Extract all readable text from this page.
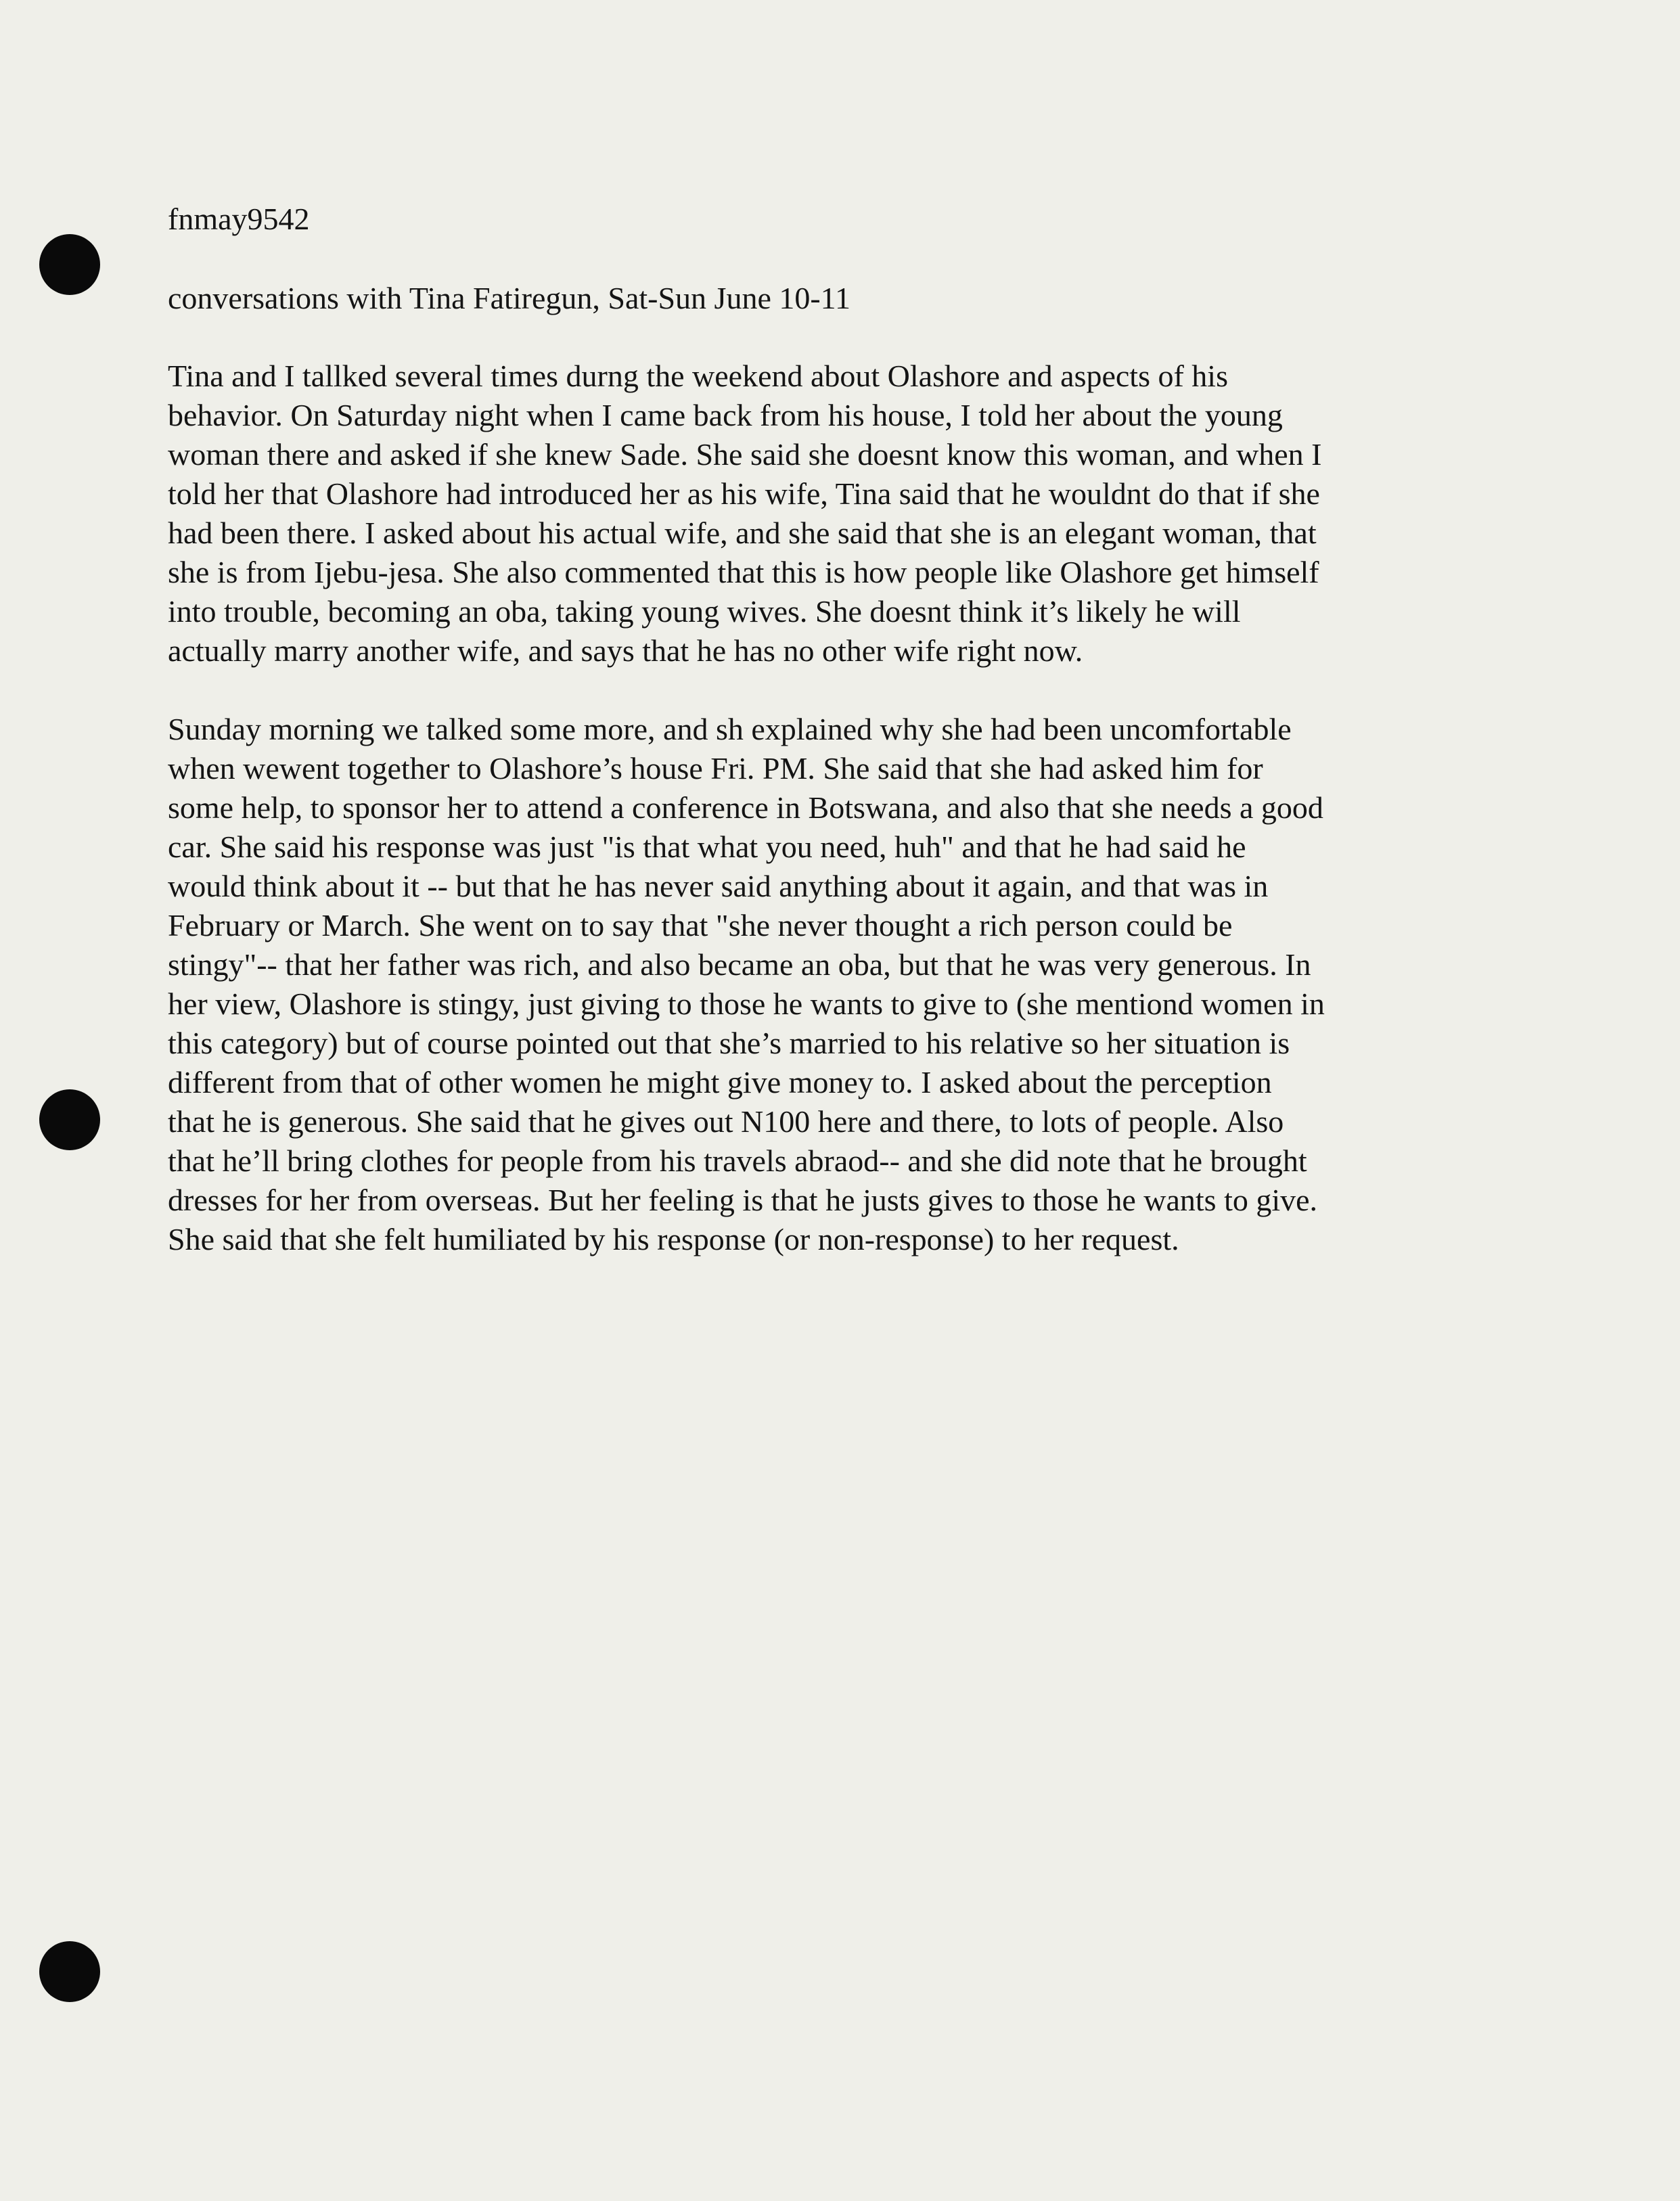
fnmay9542
conversations with Tina Fatiregun, Sat-Sun June 10-11
Tina and I tallked several times durng the weekend about Olashore and aspects of his
behavior. On Saturday night when I came back from his house, I told her about the young
woman there and asked if she knew Sade. She said she doesnt know this woman, and when I
told her that Olashore had introduced her as his wife, Tina said that he wouldnt do that if she
had been there. I asked about his actual wife, and she said that she is an elegant woman, that
she is from Ijebu-jesa. She also commented that this is how people like Olashore get himself
into trouble, becoming an oba, taking young wives. She doesnt think it’s likely he will
actually marry another wife, and says that he has no other wife right now.
Sunday morning we talked some more, and sh explained why she had been uncomfortable
when wewent together to Olashore’s house Fri. PM. She said that she had asked him for
some help, to sponsor her to attend a conference in Botswana, and also that she needs a good
car. She said his response was just "is that what you need, huh" and that he had said he
would think about it -- but that he has never said anything about it again, and that was in
February or March. She went on to say that "she never thought a rich person could be
stingy"-- that her father was rich, and also became an oba, but that he was very generous. In
her view, Olashore is stingy, just giving to those he wants to give to (she mentiond women in
this category) but of course pointed out that she’s married to his relative so her situation is
different from that of other women he might give money to. I asked about the perception
that he is generous. She said that he gives out N100 here and there, to lots of people. Also
that he’ll bring clothes for people from his travels abraod-- and she did note that he brought
dresses for her from overseas. But her feeling is that he justs gives to those he wants to give.
She said that she felt humiliated by his response (or non-response) to her request.
